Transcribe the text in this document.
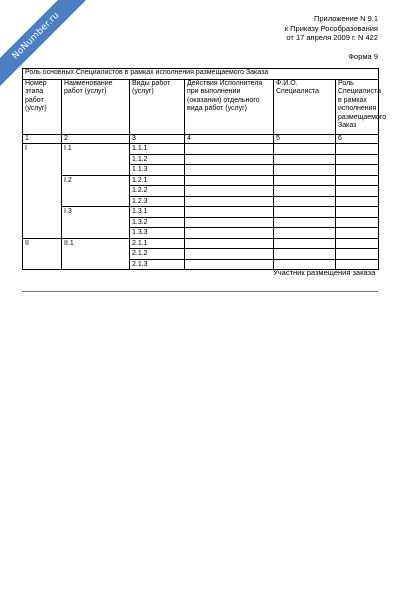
NoNumber.ru	Приложение N 9.1
к Приказу Рособразования
от 17 апреля 2009 г. N 422
Форма 9
Роль основных Специалистов в рамках исполнения размещаемого Заказа					
Номер этапа работ (услуг)	Наименование работ (услуг)	Виды работ (услуг)	Действия Исполнителя при выполнении (оказании) отдельного вида работ (услуг)	Ф.И.О. Специалиста	Роль Специалиста в рамках исполнения размещаемого Заказ
1	2	3	4	5	6
I	I.1	1.1.1			
		1.1.2			
		1.1.3			
	I.2	1.2.1			
		1.2.2			
		1.2.3			
	I.3	1.3.1			
		1.3.2			
		1.3.3			
II	II.1	2.1.1			
		2.1.2			
		2.1.3			
Участник размещения заказа
